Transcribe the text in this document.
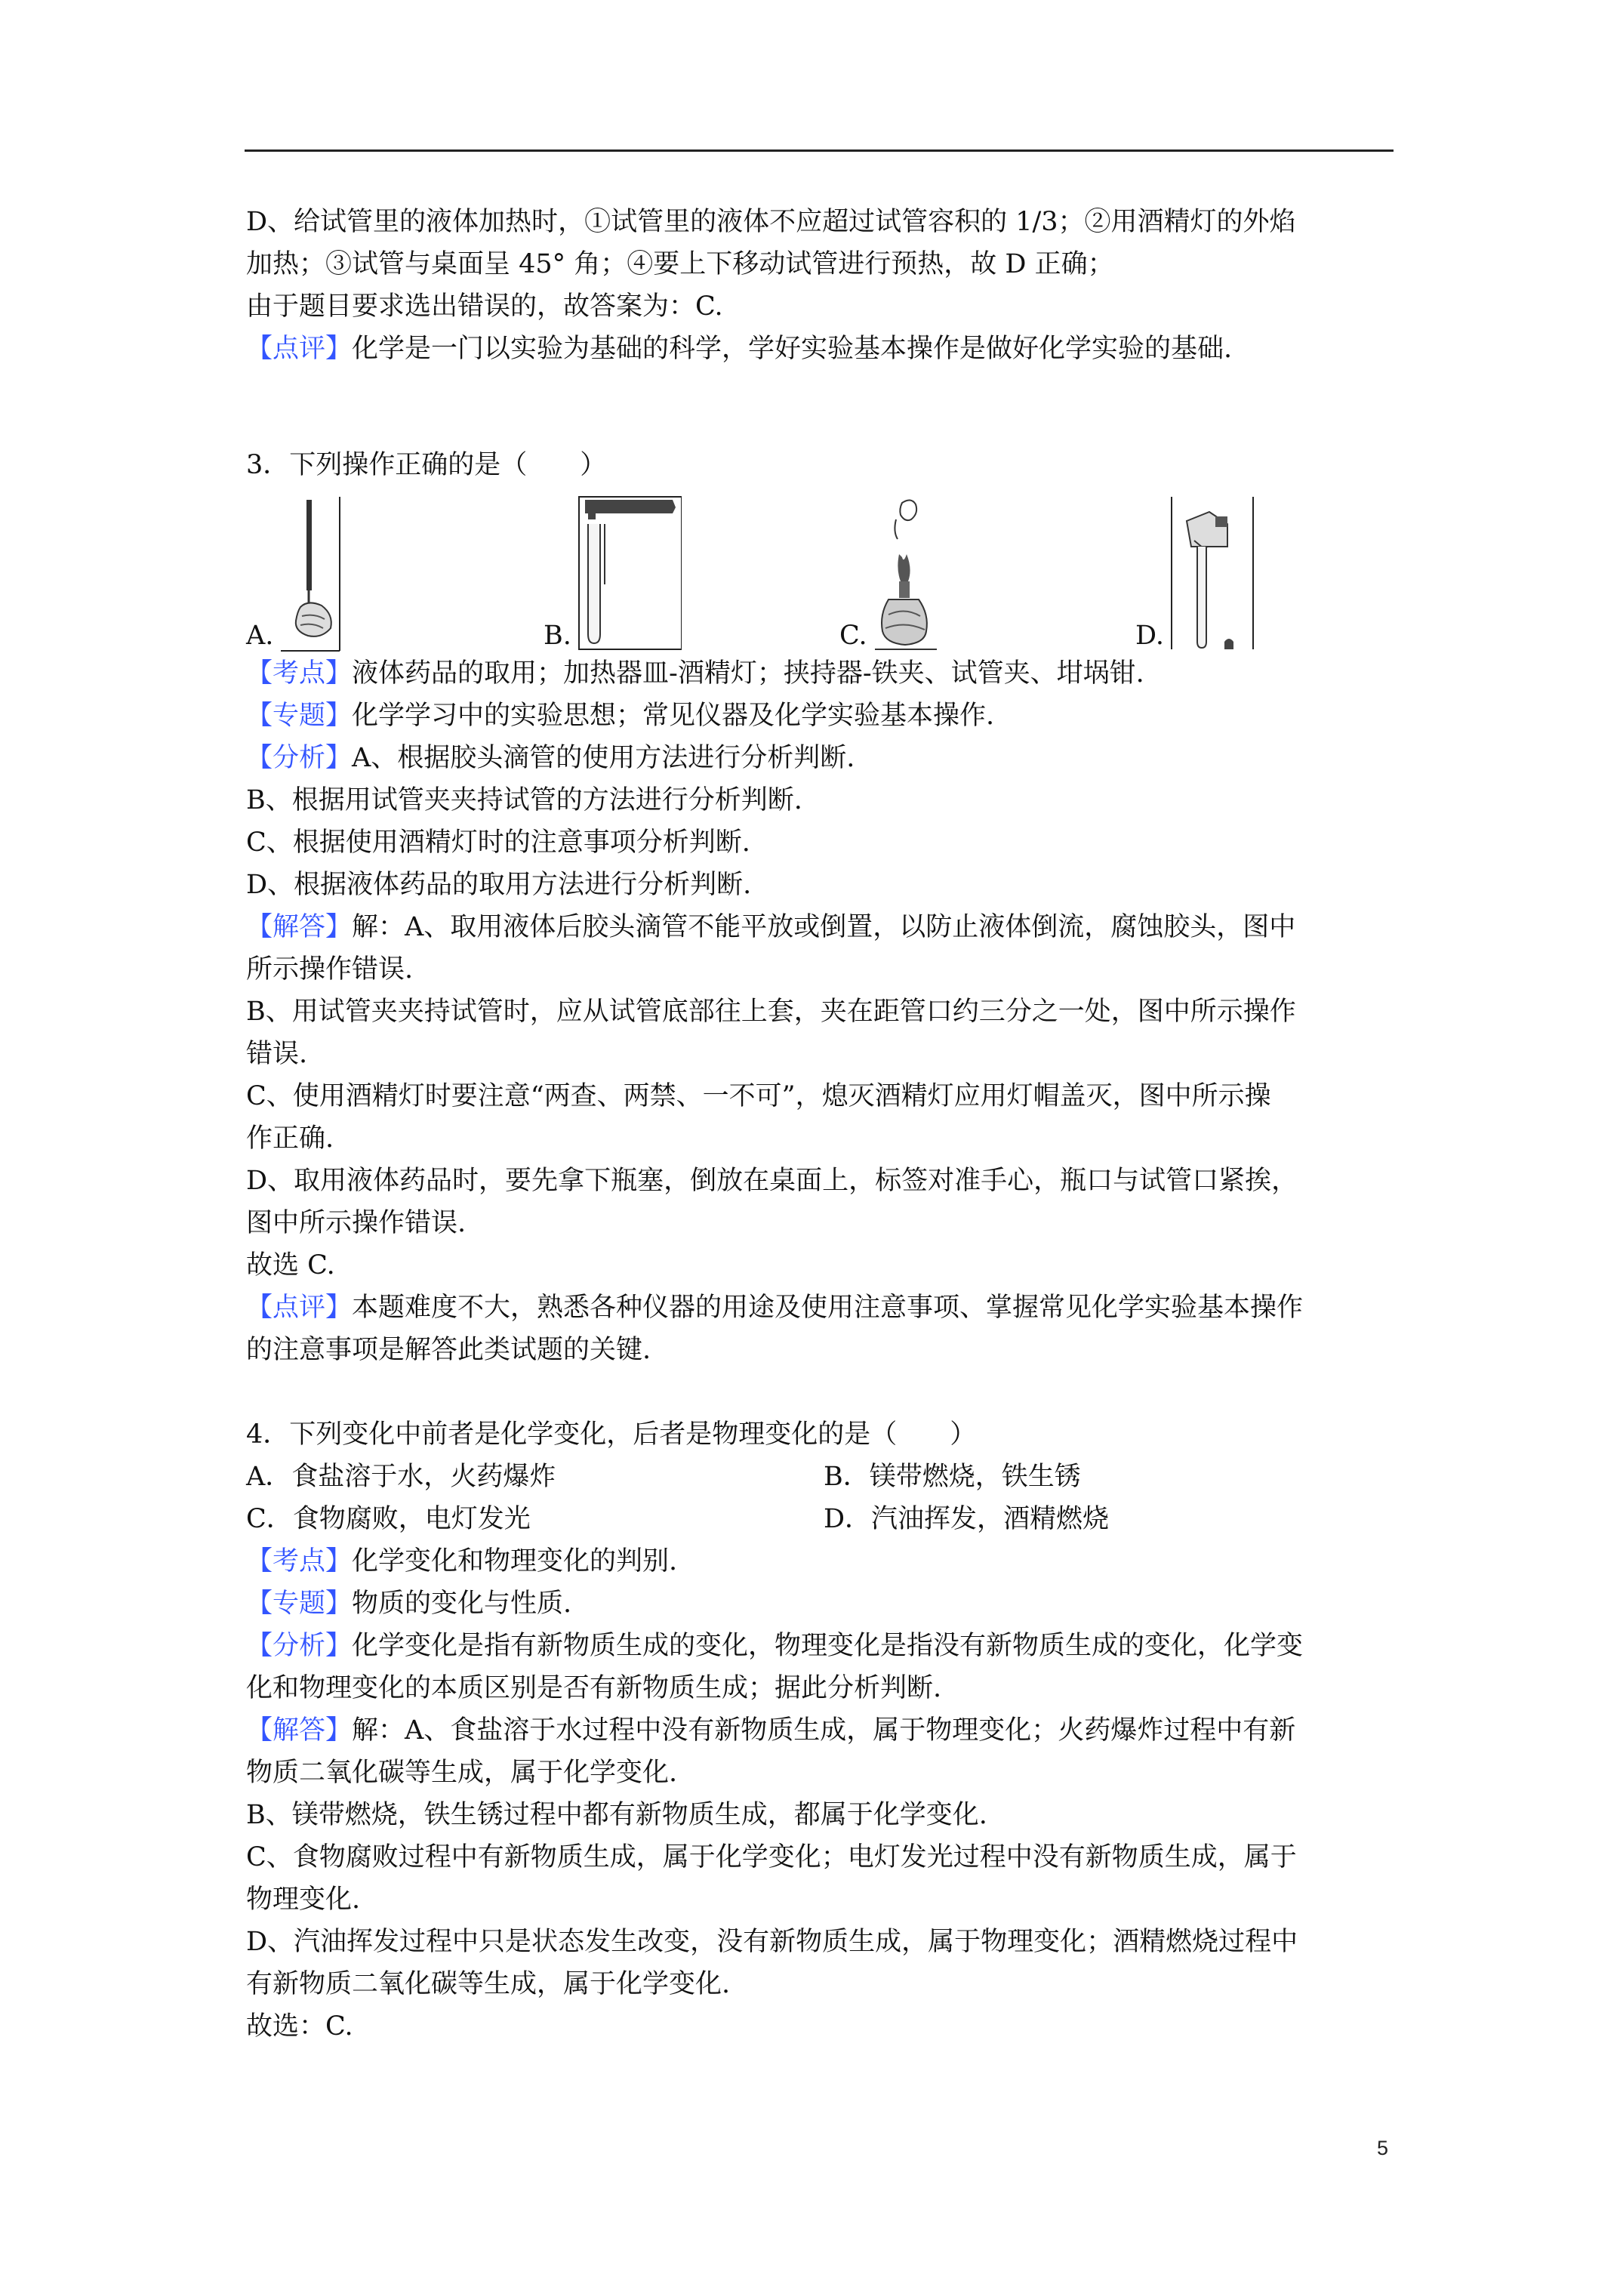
D、给试管里的液体加热时，①试管里的液体不应超过试管容积的 1/3；②用酒精灯的外焰
加热；③试管与桌面呈 45° 角；④要上下移动试管进行预热，故 D 正确；
由于题目要求选出错误的，故答案为：C.
【点评】化学是一门以实验为基础的科学，学好实验基本操作是做好化学实验的基础.
3．下列操作正确的是（　　）
A.	B.	C.	D.
【考点】液体药品的取用；加热器皿-酒精灯；挟持器-铁夹、试管夹、坩埚钳.
【专题】化学学习中的实验思想；常见仪器及化学实验基本操作.
【分析】A、根据胶头滴管的使用方法进行分析判断.
B、根据用试管夹夹持试管的方法进行分析判断.
C、根据使用酒精灯时的注意事项分析判断.
D、根据液体药品的取用方法进行分析判断.
【解答】解：A、取用液体后胶头滴管不能平放或倒置，以防止液体倒流，腐蚀胶头，图中
所示操作错误.
B、用试管夹夹持试管时，应从试管底部往上套，夹在距管口约三分之一处，图中所示操作
错误.
C、使用酒精灯时要注意“两查、两禁、一不可”，熄灭酒精灯应用灯帽盖灭，图中所示操
作正确.
D、取用液体药品时，要先拿下瓶塞，倒放在桌面上，标签对准手心，瓶口与试管口紧挨，
图中所示操作错误.
故选 C.
【点评】本题难度不大，熟悉各种仪器的用途及使用注意事项、掌握常见化学实验基本操作
的注意事项是解答此类试题的关键.
4．下列变化中前者是化学变化，后者是物理变化的是（　　）
A．食盐溶于水，火药爆炸	B．镁带燃烧，铁生锈
C．食物腐败，电灯发光	D．汽油挥发，酒精燃烧
【考点】化学变化和物理变化的判别.
【专题】物质的变化与性质.
【分析】化学变化是指有新物质生成的变化，物理变化是指没有新物质生成的变化，化学变
化和物理变化的本质区别是否有新物质生成；据此分析判断.
【解答】解：A、食盐溶于水过程中没有新物质生成，属于物理变化；火药爆炸过程中有新
物质二氧化碳等生成，属于化学变化.
B、镁带燃烧，铁生锈过程中都有新物质生成，都属于化学变化.
C、食物腐败过程中有新物质生成，属于化学变化；电灯发光过程中没有新物质生成，属于
物理变化.
D、汽油挥发过程中只是状态发生改变，没有新物质生成，属于物理变化；酒精燃烧过程中
有新物质二氧化碳等生成，属于化学变化.
故选：C.
5
